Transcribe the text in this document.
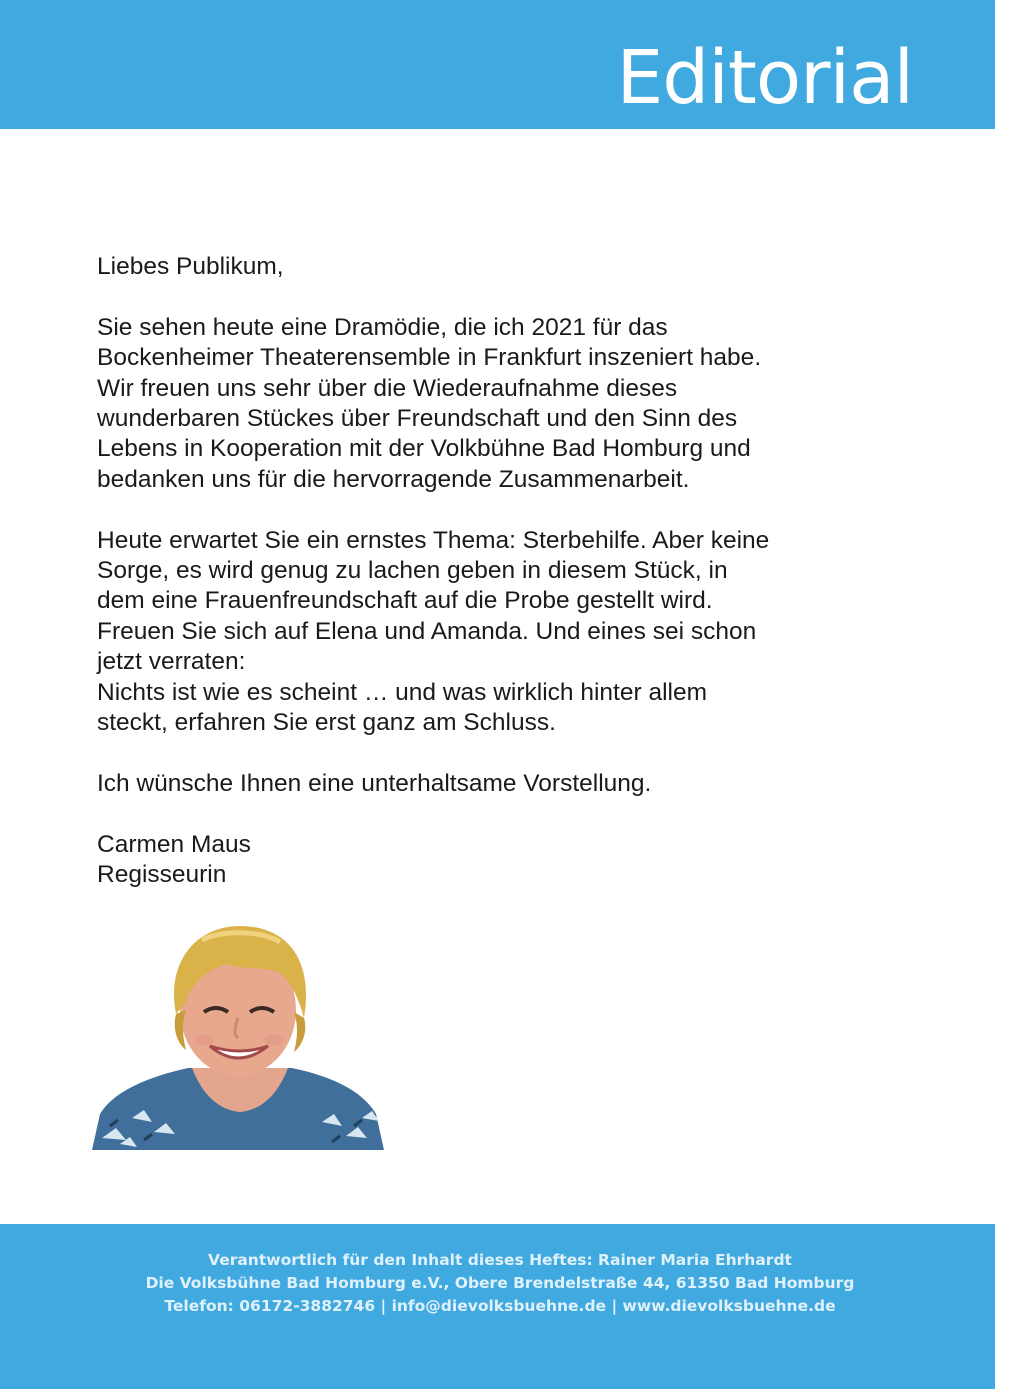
Editorial

Liebes Publikum,

Sie sehen heute eine Dramödie, die ich 2021 für das
Bockenheimer Theaterensemble in Frankfurt inszeniert habe.
Wir freuen uns sehr über die Wiederaufnahme dieses
wunderbaren Stückes über Freundschaft und den Sinn des
Lebens in Kooperation mit der Volkbühne Bad Homburg und
bedanken uns für die hervorragende Zusammenarbeit.

Heute erwartet Sie ein ernstes Thema: Sterbehilfe. Aber keine
Sorge, es wird genug zu lachen geben in diesem Stück, in
dem eine Frauenfreundschaft auf die Probe gestellt wird.
Freuen Sie sich auf Elena und Amanda. Und eines sei schon
jetzt verraten:
Nichts ist wie es scheint … und was wirklich hinter allem
steckt, erfahren Sie erst ganz am Schluss.

Ich wünsche Ihnen eine unterhaltsame Vorstellung.

Carmen Maus
Regisseurin

Verantwortlich für den Inhalt dieses Heftes: Rainer Maria Ehrhardt
Die Volksbühne Bad Homburg e.V., Obere Brendelstraße 44, 61350 Bad Homburg
Telefon: 06172-3882746 | info@dievolksbuehne.de | www.dievolksbuehne.de
